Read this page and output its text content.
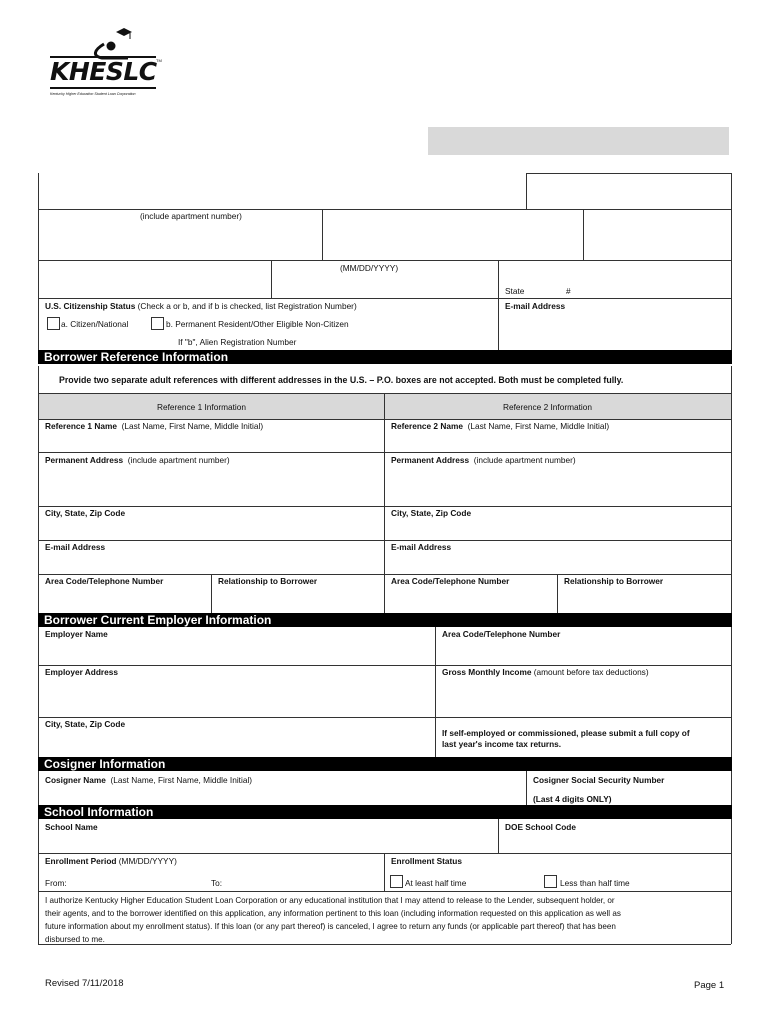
KHESLC TM
Kentucky Higher Education Student Loan Corporation
(include apartment number)
(MM/DD/YYYY)
State	#
U.S. Citizenship Status (Check a or b, and if b is checked, list Registration Number)	E-mail Address
a. Citizen/National	b. Permanent Resident/Other Eligible Non-Citizen
If "b", Alien Registration Number
Borrower Reference Information
Provide two separate adult references with different addresses in the U.S. – P.O. boxes are not accepted. Both must be completed fully.
Reference 1 Information	Reference 2 Information
Reference 1 Name (Last Name, First Name, Middle Initial)	Reference 2 Name (Last Name, First Name, Middle Initial)
Permanent Address (include apartment number)	Permanent Address (include apartment number)
City, State, Zip Code	City, State, Zip Code
E-mail Address	E-mail Address
Area Code/Telephone Number	Relationship to Borrower	Area Code/Telephone Number	Relationship to Borrower
Borrower Current Employer Information
Employer Name	Area Code/Telephone Number
Employer Address	Gross Monthly Income (amount before tax deductions)
City, State, Zip Code
If self-employed or commissioned, please submit a full copy of
last year's income tax returns.
Cosigner Information
Cosigner Name (Last Name, First Name, Middle Initial)	Cosigner Social Security Number
(Last 4 digits ONLY)
School Information
School Name	DOE School Code
Enrollment Period (MM/DD/YYYY)	Enrollment Status
From:	To:	At least half time	Less than half time
I authorize Kentucky Higher Education Student Loan Corporation or any educational institution that I may attend to release to the Lender, subsequent holder, or
their agents, and to the borrower identified on this application, any information pertinent to this loan (including information requested on this application as well as
future information about my enrollment status). If this loan (or any part thereof) is canceled, I agree to return any funds (or applicable part thereof) that has been
disbursed to me.
Revised 7/11/2018	Page 1
